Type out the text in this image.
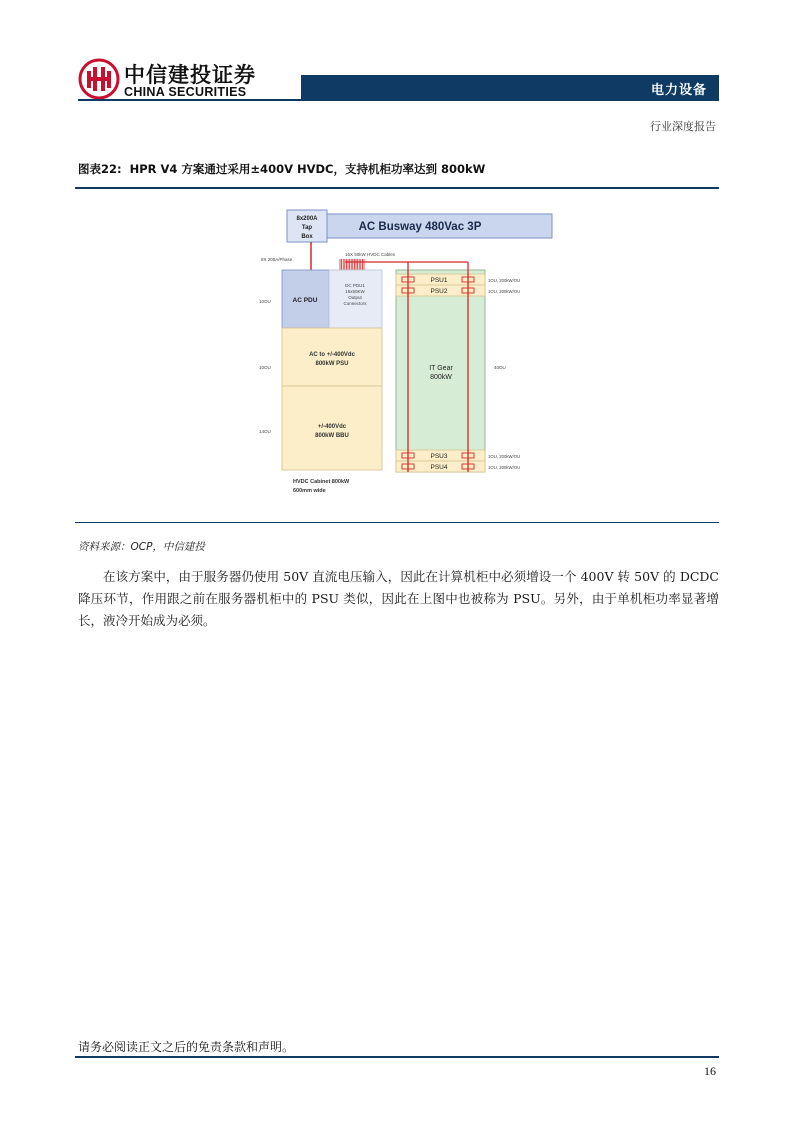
中信建投证券
CHINA SECURITIES	电力设备
行业深度报告
图表22: HPR V4 方案通过采用±400V HVDC，支持机柜功率达到 800kW
AC Busway 480Vac 3P
8x200A
Tap
Box
8X 200A/Phase
16X 50kW HVDC Cables
AC PDU
DC PDU1
16x50KW
Output
Connectors
AC to +/-400Vdc
800kW PSU
+/-400Vdc
800kW BBU
10OU
10OU
14OU
HVDC Cabinet 800kW
600mm wide
IT Gear
800kW
40OU
PSU1	1OU, 200kW/OU
PSU2	1OU, 200kW/OU
PSU3	1OU, 200kW/OU
PSU4	1OU, 200kW/OU
资料来源：OCP，中信建投

在该方案中，由于服务器仍使用 50V 直流电压输入，因此在计算机柜中必须增设一个 400V 转 50V 的 DCDC 降压环节，作用跟之前在服务器机柜中的 PSU 类似，因此在上图中也被称为 PSU。另外，由于单机柜功率显著增长，液冷开始成为必须。

请务必阅读正文之后的免责条款和声明。
16
